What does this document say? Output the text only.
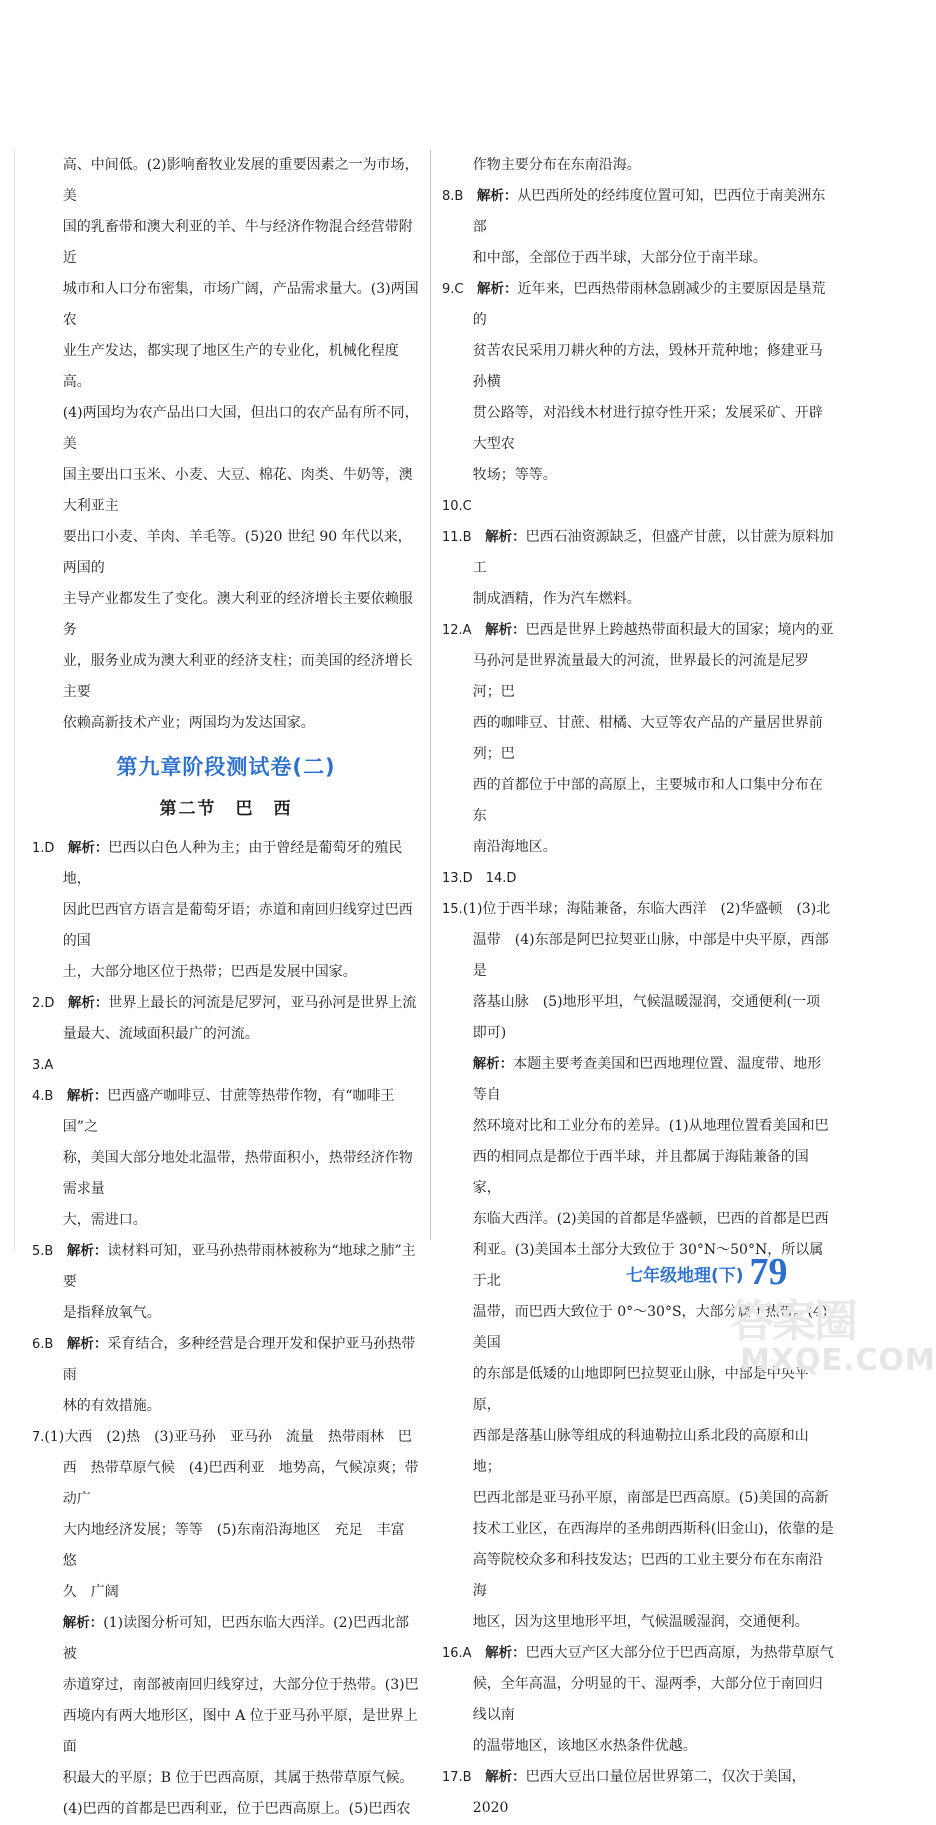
高、中间低。(2)影响畜牧业发展的重要因素之一为市场，美
国的乳畜带和澳大利亚的羊、牛与经济作物混合经营带附近
城市和人口分布密集，市场广阔，产品需求量大。(3)两国农
业生产发达，都实现了地区生产的专业化，机械化程度高。
(4)两国均为农产品出口大国，但出口的农产品有所不同，美
国主要出口玉米、小麦、大豆、棉花、肉类、牛奶等，澳大利亚主
要出口小麦、羊肉、羊毛等。(5)20 世纪 90 年代以来，两国的
主导产业都发生了变化。澳大利亚的经济增长主要依赖服务
业，服务业成为澳大利亚的经济支柱；而美国的经济增长主要
依赖高新技术产业；两国均为发达国家。
第九章阶段测试卷(二)
第二节　巴　西
1.D 解析：巴西以白色人种为主；由于曾经是葡萄牙的殖民地，
因此巴西官方语言是葡萄牙语；赤道和南回归线穿过巴西的国
土，大部分地区位于热带；巴西是发展中国家。
2.D 解析：世界上最长的河流是尼罗河，亚马孙河是世界上流
量最大、流域面积最广的河流。
3.A
4.B 解析：巴西盛产咖啡豆、甘蔗等热带作物，有“咖啡王国”之
称，美国大部分地处北温带，热带面积小，热带经济作物需求量
大，需进口。
5.B 解析：读材料可知，亚马孙热带雨林被称为“地球之肺”主要
是指释放氧气。
6.B 解析：采育结合，多种经营是合理开发和保护亚马孙热带雨
林的有效措施。
7.(1)大西　(2)热　(3)亚马孙　亚马孙　流量　热带雨林　巴
西　热带草原气候　(4)巴西利亚　地势高，气候凉爽；带动广
大内地经济发展；等等　(5)东南沿海地区　充足　丰富　悠
久　广阔
解析：(1)读图分析可知，巴西东临大西洋。(2)巴西北部被
赤道穿过，南部被南回归线穿过，大部分位于热带。(3)巴
西境内有两大地形区，图中 A 位于亚马孙平原，是世界上面
积最大的平原；B 位于巴西高原，其属于热带草原气候。
(4)巴西的首都是巴西利亚，位于巴西高原上。(5)巴西农
作物主要分布在东南沿海。
8.B 解析：从巴西所处的经纬度位置可知，巴西位于南美洲东部
和中部，全部位于西半球，大部分位于南半球。
9.C 解析：近年来，巴西热带雨林急剧减少的主要原因是垦荒的
贫苦农民采用刀耕火种的方法，毁林开荒种地；修建亚马孙横
贯公路等，对沿线木材进行掠夺性开采；发展采矿、开辟大型农
牧场；等等。
10.C
11.B 解析：巴西石油资源缺乏，但盛产甘蔗，以甘蔗为原料加工
制成酒精，作为汽车燃料。
12.A 解析：巴西是世界上跨越热带面积最大的国家；境内的亚
马孙河是世界流量最大的河流，世界最长的河流是尼罗河；巴
西的咖啡豆、甘蔗、柑橘、大豆等农产品的产量居世界前列；巴
西的首都位于中部的高原上，主要城市和人口集中分布在东
南沿海地区。
13.D　14.D
15.(1)位于西半球；海陆兼备，东临大西洋　(2)华盛顿　(3)北
温带　(4)东部是阿巴拉契亚山脉，中部是中央平原，西部是
落基山脉　(5)地形平坦，气候温暖湿润，交通便利(一项
即可)
解析：本题主要考查美国和巴西地理位置、温度带、地形等自
然环境对比和工业分布的差异。(1)从地理位置看美国和巴
西的相同点是都位于西半球，并且都属于海陆兼备的国家，
东临大西洋。(2)美国的首都是华盛顿，巴西的首都是巴西
利亚。(3)美国本土部分大致位于 30°N～50°N，所以属于北
温带，而巴西大致位于 0°～30°S，大部分属于热带。(4)美国
的东部是低矮的山地即阿巴拉契亚山脉，中部是中央平原，
西部是落基山脉等组成的科迪勒拉山系北段的高原和山地；
巴西北部是亚马孙平原，南部是巴西高原。(5)美国的高新
技术工业区，在西海岸的圣弗朗西斯科(旧金山)，依靠的是
高等院校众多和科技发达；巴西的工业主要分布在东南沿海
地区，因为这里地形平坦，气候温暖湿润，交通便利。
16.A 解析：巴西大豆产区大部分位于巴西高原，为热带草原气
候，全年高温，分明显的干、湿两季，大部分位于南回归线以南
的温带地区，该地区水热条件优越。
17.B 解析：巴西大豆出口量位居世界第二，仅次于美国，2020
七年级地理(下) 79
答案圈
MXQE.COM
